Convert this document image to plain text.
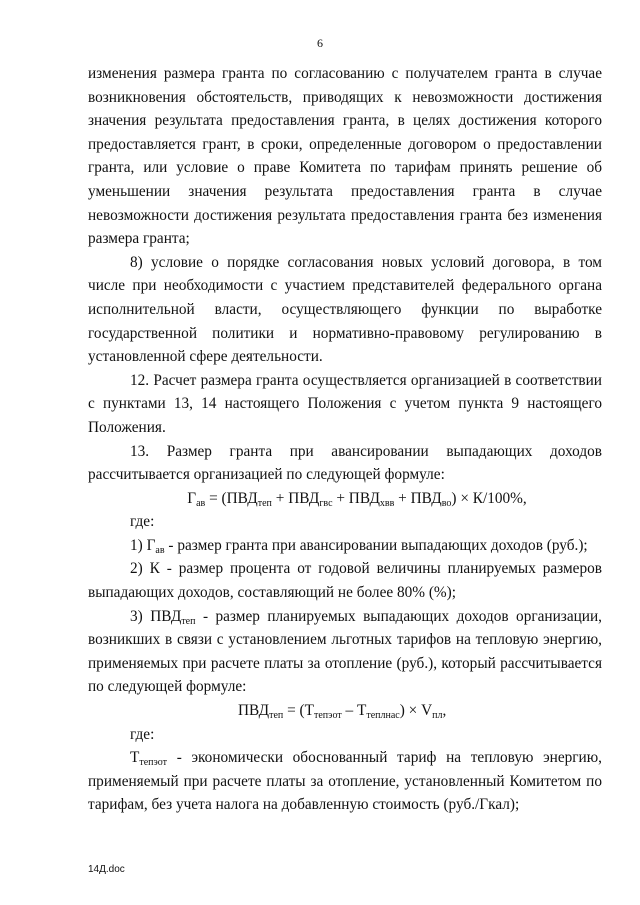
6

изменения размера гранта по согласованию с получателем гранта в случае возникновения обстоятельств, приводящих к невозможности достижения значения результата предоставления гранта, в целях достижения которого предоставляется грант, в сроки, определенные договором о предоставлении гранта, или условие о праве Комитета по тарифам принять решение об уменьшении значения результата предоставления гранта в случае невозможности достижения результата предоставления гранта без изменения размера гранта;

8) условие о порядке согласования новых условий договора, в том числе при необходимости с участием представителей федерального органа исполнительной власти, осуществляющего функции по выработке государственной политики и нормативно-правовому регулированию в установленной сфере деятельности.

12. Расчет размера гранта осуществляется организацией в соответствии с пунктами 13, 14 настоящего Положения с учетом пункта 9 настоящего Положения.

13. Размер гранта при авансировании выпадающих доходов рассчитывается организацией по следующей формуле:

$Г_{ав} = (ПВД_{теп} + ПВД_{гвс} + ПВД_{хвв} + ПВД_{во}) \times К/100\%$,

где:

1) $Г_{ав}$ - размер гранта при авансировании выпадающих доходов (руб.);

2) К - размер процента от годовой величины планируемых размеров выпадающих доходов, составляющий не более 80% (%);

3) $ПВД_{теп}$ - размер планируемых выпадающих доходов организации, возникших в связи с установлением льготных тарифов на тепловую энергию, применяемых при расчете платы за отопление (руб.), который рассчитывается по следующей формуле:

$ПВД_{теп} = (Т_{тепэот} - Т_{теплнас}) \times V_{пл}$,

где:

$Т_{тепэот}$ - экономически обоснованный тариф на тепловую энергию, применяемый при расчете платы за отопление, установленный Комитетом по тарифам, без учета налога на добавленную стоимость (руб./Гкал);

14Д.doc
